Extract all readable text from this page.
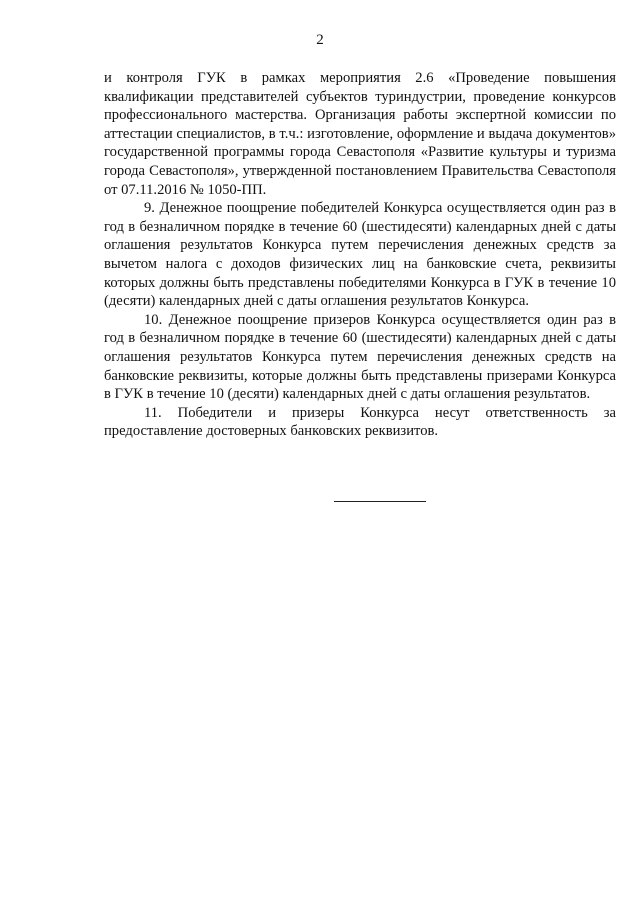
2

и контроля ГУК в рамках мероприятия 2.6 «Проведение повышения квалификации представителей субъектов туриндустрии, проведение конкурсов профессионального мастерства. Организация работы экспертной комиссии по аттестации специалистов, в т.ч.: изготовление, оформление и выдача документов» государственной программы города Севастополя «Развитие культуры и туризма города Севастополя», утвержденной постановлением Правительства Севастополя от 07.11.2016 № 1050-ПП.

9. Денежное поощрение победителей Конкурса осуществляется один раз в год в безналичном порядке в течение 60 (шестидесяти) календарных дней с даты оглашения результатов Конкурса путем перечисления денежных средств за вычетом налога с доходов физических лиц на банковские счета, реквизиты которых должны быть представлены победителями Конкурса в ГУК в течение 10 (десяти) календарных дней с даты оглашения результатов Конкурса.

10. Денежное поощрение призеров Конкурса осуществляется один раз в год в безналичном порядке в течение 60 (шестидесяти) календарных дней с даты оглашения результатов Конкурса путем перечисления денежных средств на банковские реквизиты, которые должны быть представлены призерами Конкурса в ГУК в течение 10 (десяти) календарных дней с даты оглашения результатов.

11. Победители и призеры Конкурса несут ответственность за предоставление достоверных банковских реквизитов.
